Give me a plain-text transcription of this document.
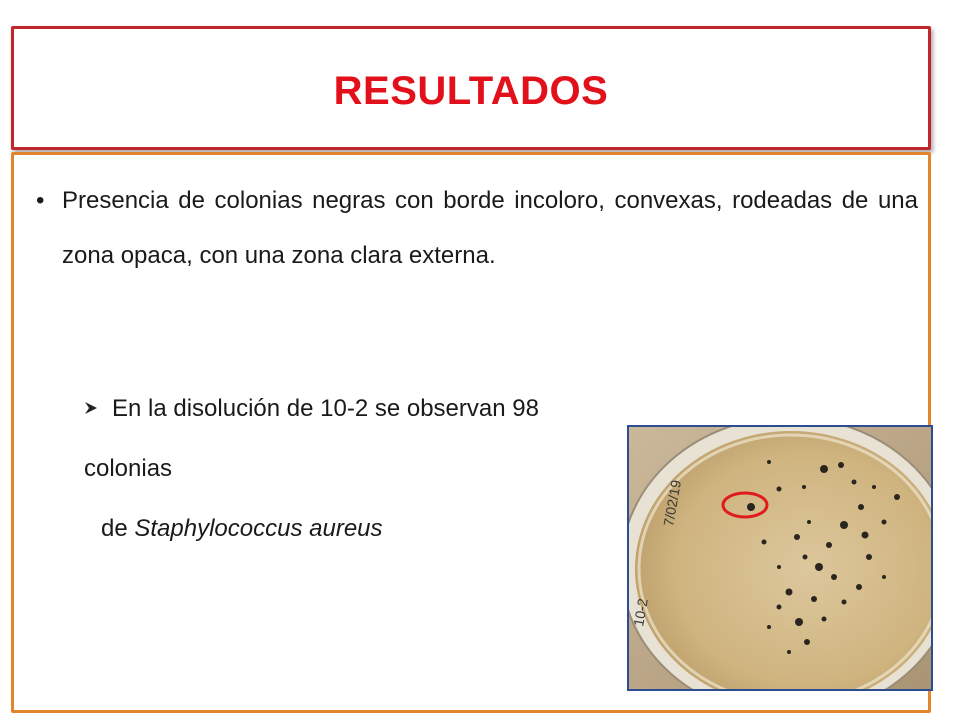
RESULTADOS
• Presencia de colonias negras con borde incoloro, convexas, rodeadas de una zona opaca, con una zona clara externa.
En la disolución de 10-2 se observan 98 colonias
de Staphylococcus aureus
7/02/19
10-2
